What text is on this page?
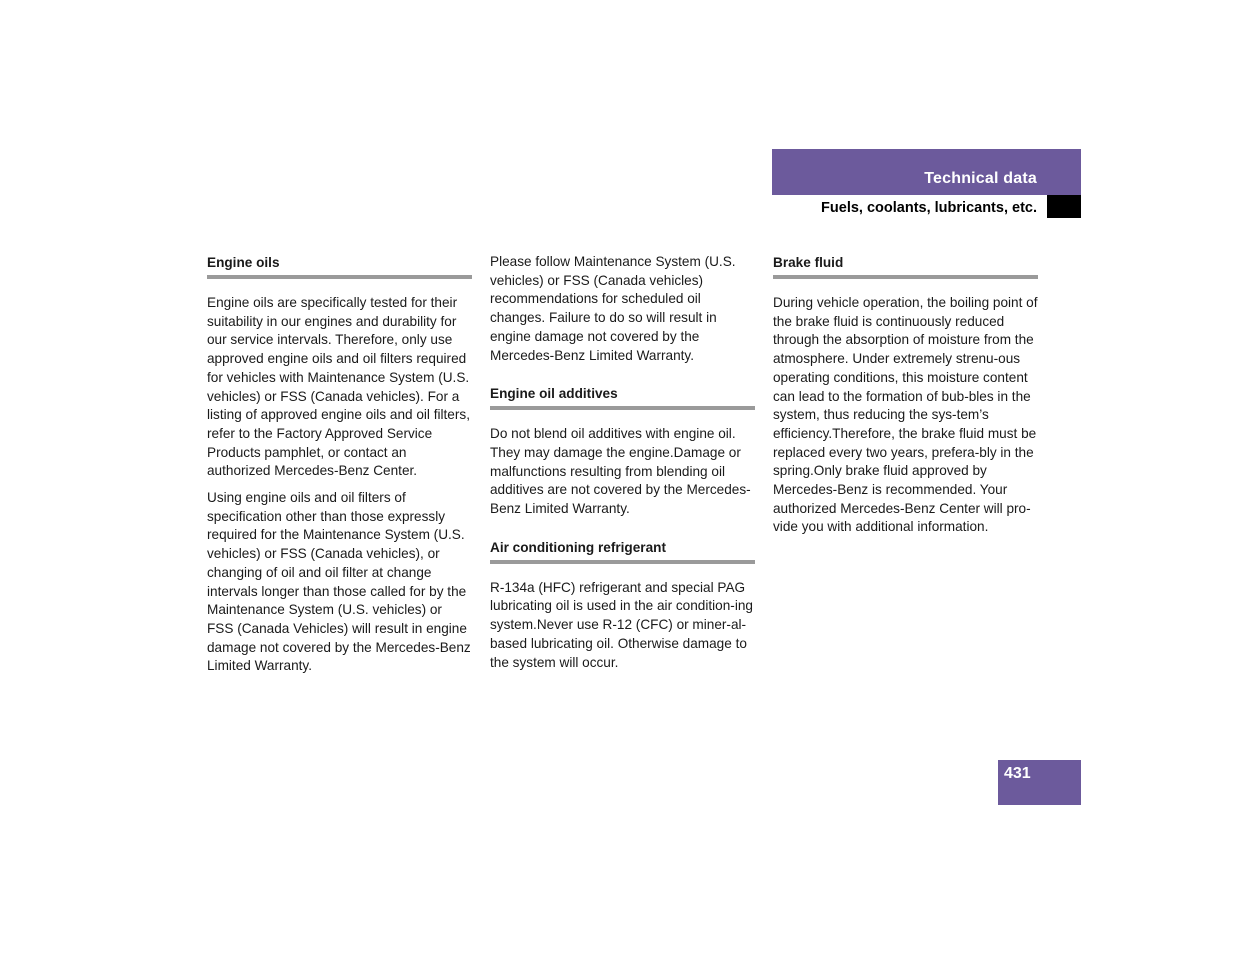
Technical data
Fuels, coolants, lubricants, etc.
Engine oils

Engine oils are specifically tested for their suitability in our engines and durability for our service intervals. Therefore, only use approved engine oils and oil filters required for vehicles with Maintenance System (U.S. vehicles) or FSS (Canada vehicles). For a listing of approved engine oils and oil filters, refer to the Factory Approved Service Products pamphlet, or contact an authorized Mercedes-Benz Center.

Using engine oils and oil filters of specification other than those expressly required for the Maintenance System (U.S. vehicles) or FSS (Canada vehicles), or changing of oil and oil filter at change intervals longer than those called for by the Maintenance System (U.S. vehicles) or FSS (Canada Vehicles) will result in engine damage not covered by the Mercedes-Benz Limited Warranty.

Please follow Maintenance System (U.S. vehicles) or FSS (Canada vehicles) recommendations for scheduled oil changes. Failure to do so will result in engine damage not covered by the Mercedes-Benz Limited Warranty.

Engine oil additives

Do not blend oil additives with engine oil. They may damage the engine.Damage or malfunctions resulting from blending oil additives are not covered by the Mercedes-Benz Limited Warranty.

Air conditioning refrigerant

R-134a (HFC) refrigerant and special PAG lubricating oil is used in the air condition-ing system.Never use R-12 (CFC) or miner-al-based lubricating oil. Otherwise damage to the system will occur.

Brake fluid

During vehicle operation, the boiling point of the brake fluid is continuously reduced through the absorption of moisture from the atmosphere. Under extremely strenu-ous operating conditions, this moisture content can lead to the formation of bub-bles in the system, thus reducing the sys-tem’s efficiency.Therefore, the brake fluid must be replaced every two years, prefera-bly in the spring.Only brake fluid approved by Mercedes-Benz is recommended. Your authorized Mercedes-Benz Center will pro-vide you with additional information.

431
